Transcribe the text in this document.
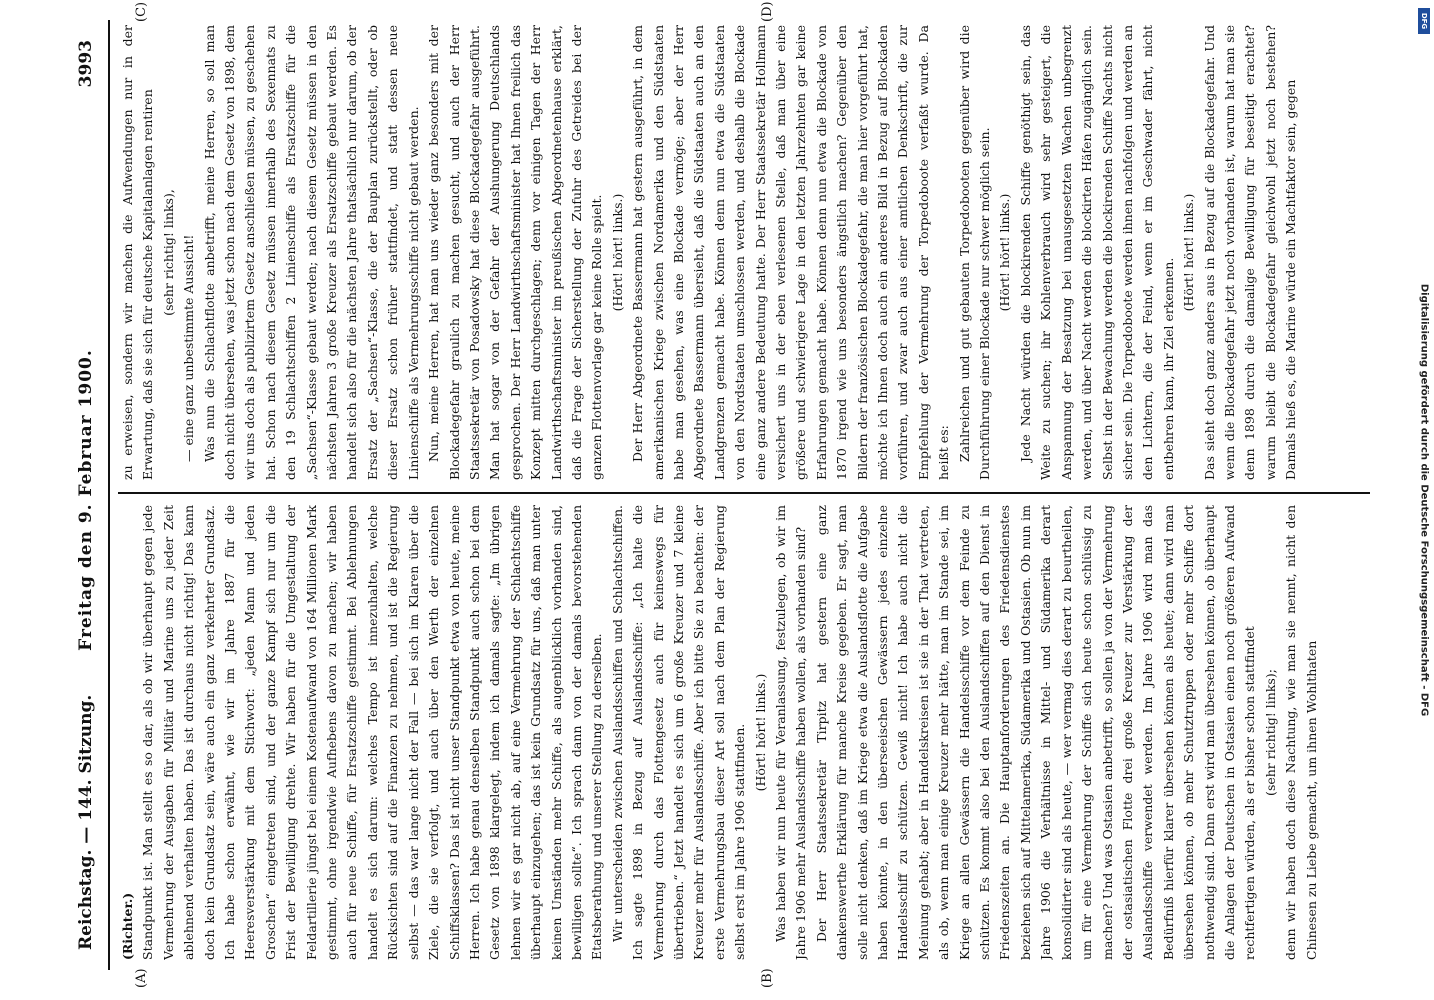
Reichstag. — 144. Sitzung.
Freitag den 9. Februar 1900.
3993
(A)	(B)
(C)	(D)

(Richter.) Standpunkt ist. Man stellt es so dar, als ob wir überhaupt gegen jede Vermehrung der Ausgaben für Militär und Marine uns zu jeder Zeit ablehnend verhalten haben. Das ist durchaus nicht richtig! Das kann doch kein Grundsatz sein, wäre auch ein ganz verkehrter Grundsatz. Ich habe schon erwähnt, wie wir im Jahre 1887 für die Heeresverstärkung mit dem Stichwort: „jeden Mann und jeden Groschen“ eingetreten sind, und der ganze Kampf sich nur um die Frist der Bewilligung drehte. Wir haben für die Umgestaltung der Feldartillerie jüngst bei einem Kostenaufwand von 164 Millionen Mark gestimmt, ohne irgendwie Aufhebens davon zu machen; wir haben auch für neue Schiffe, für Ersatzschiffe gestimmt. Bei Ablehnungen handelt es sich darum: welches Tempo ist innezuhalten, welche Rücksichten sind auf die Finanzen zu nehmen, und ist die Regierung selbst — das war lange nicht der Fall — bei sich im Klaren über die Ziele, die sie verfolgt, und auch über den Werth der einzelnen Schiffsklassen? Das ist nicht unser Standpunkt etwa von heute, meine Herren. Ich habe genau denselben Standpunkt auch schon bei dem Gesetz von 1898 klargelegt, indem ich damals sagte: „Im übrigen lehnen wir es gar nicht ab, auf eine Vermehrung der Schlachtschiffe überhaupt einzugehen; das ist kein Grundsatz für uns, daß man unter keinen Umständen mehr Schiffe, als augenblicklich vorhanden sind, bewilligen sollte“. Ich sprach dann von der damals bevorstehenden Etatsberathung und unserer Stellung zu derselben. Wir unterscheiden zwischen Auslandsschiffen und Schlachtschiffen. Ich sagte 1898 in Bezug auf Auslandsschiffe: „Ich halte die Vermehrung durch das Flottengesetz auch für keineswegs für übertrieben.“ Jetzt handelt es sich um 6 große Kreuzer und 7 kleine Kreuzer mehr für Auslandsschiffe. Aber ich bitte Sie zu beachten: der erste Vermehrungsbau dieser Art soll nach dem Plan der Regierung selbst erst im Jahre 1906 stattfinden. (Hört! hört! links.) Was haben wir nun heute für Veranlassung, festzulegen, ob wir im Jahre 1906 mehr Auslandsschiffe haben wollen, als vorhanden sind? Der Herr Staatssekretär Tirpitz hat gestern eine ganz dankenswerthe Erklärung für manche Kreise gegeben. Er sagt, man solle nicht denken, daß im Kriege etwa die Auslandsflotte die Aufgabe haben könnte, in den überseeischen Gewässern jedes einzelne Handelsschiff zu schützen. Gewiß nicht! Ich habe auch nicht die Meinung gehabt; aber in Handelskreisen ist sie in der That vertreten, als ob, wenn man einige Kreuzer mehr hätte, man im Stande sei, im Kriege an allen Gewässern die Handelsschiffe vor dem Feinde zu schützen. Es kommt also bei den Auslandschiffen auf den Dienst in Friedenszeiten an. Die Hauptanforderungen des Friedensdienstes beziehen sich auf Mittelamerika, Südamerika und Ostasien. Ob nun im Jahre 1906 die Verhältnisse in Mittel- und Südamerika derart konsolidirter sind als heute, — wer vermag dies derart zu beurtheilen, um für eine Vermehrung der Schiffe sich heute schon schlüssig zu machen? Und was Ostasien anbetrifft, so sollen ja von der Vermehrung der ostasiatischen Flotte drei große Kreuzer zur Verstärkung der Auslandsschiffe verwendet werden. Im Jahre 1906 wird man das Bedürfniß hierfür klarer übersehen können als heute; dann wird man übersehen können, ob mehr Schutztruppen oder mehr Schiffe dort nothwendig sind. Dann erst wird man übersehen können, ob überhaupt die Anlagen der Deutschen in Ostasien einen noch größeren Aufwand rechtfertigen würden, als er bisher schon stattfindet (sehr richtig! links); denn wir haben doch diese Nachtung, wie man sie nennt, nicht den Chinesen zu Liebe gemacht, um ihnen Wohlthaten

zu erweisen, sondern wir machen die Aufwendungen nur in der Erwartung, daß sie sich für deutsche Kapitalanlagen rentiren (sehr richtig! links), — eine ganz unbestimmte Aussicht! Was nun die Schlachtflotte anbetrifft, meine Herren, so soll man doch nicht übersehen, was jetzt schon nach dem Gesetz von 1898, dem wir uns doch als publizirtem Gesetz anschließen müssen, zu geschehen hat. Schon nach diesem Gesetz müssen innerhalb des Sexennats zu den 19 Schlachtschiffen 2 Linienschiffe als Ersatzschiffe für die „Sachsen“-Klasse gebaut werden; nach diesem Gesetz müssen in den nächsten Jahren 3 große Kreuzer als Ersatzschiffe gebaut werden. Es handelt sich also für die nächsten Jahre thatsächlich nur darum, ob der Ersatz der „Sachsen“-Klasse, die der Bauplan zurückstellt, oder ob dieser Ersatz schon früher stattfindet, und statt dessen neue Linienschiffe als Vermehrungsschiffe nicht gebaut werden. Nun, meine Herren, hat man uns wieder ganz besonders mit der Blockadegefahr graulich zu machen gesucht, und auch der Herr Staatssekretär von Posadowsky hat diese Blockadegefahr ausgeführt. Man hat sogar von der Gefahr der Aushungerung Deutschlands gesprochen. Der Herr Landwirthschaftsminister hat Ihnen freilich das Konzept mitten durchgeschlagen; denn vor einigen Tagen der Herr Landwirthschaftsminister im preußischen Abgeordnetenhause erklärt, daß die Frage der Sicherstellung der Zufuhr des Getreides bei der ganzen Flottenvorlage gar keine Rolle spielt. (Hört! hört! links.) Der Herr Abgeordnete Bassermann hat gestern ausgeführt, in dem amerikanischen Kriege zwischen Nordamerika und den Südstaaten habe man gesehen, was eine Blockade vermöge; aber der Herr Abgeordnete Bassermann übersieht, daß die Südstaaten auch an den Landgrenzen gemacht habe. Können denn nun etwa die Südstaaten von den Nordstaaten umschlossen werden, und deshalb die Blockade eine ganz andere Bedeutung hatte. Der Herr Staatssekretär Hollmann versichert uns in der eben verlesenen Stelle, daß man über eine größere und schwierigere Lage in den letzten Jahrzehnten gar keine Erfahrungen gemacht habe. Können denn nun etwa die Blockade von 1870 irgend wie uns besonders ängstlich machen? Gegenüber den Bildern der französischen Blockadegefahr, die man hier vorgeführt hat, möchte ich Ihnen doch auch ein anderes Bild in Bezug auf Blockaden vorführen, und zwar auch aus einer amtlichen Denkschrift, die zur Empfehlung der Vermehrung der Torpedoboote verfaßt wurde. Da heißt es: Zahlreichen und gut gebauten Torpedobooten gegenüber wird die Durchführung einer Blockade nur schwer möglich sein. (Hört! hört! links.) Jede Nacht würden die blockirenden Schiffe genöthigt sein, das Weite zu suchen; ihr Kohlenverbrauch wird sehr gesteigert, die Anspannung der Besatzung bei unausgesetzten Wachen unbegrenzt werden, und über Nacht werden die blockirten Häfen zugänglich sein. Selbst in der Bewachung werden die blockirenden Schiffe Nachts nicht sicher sein. Die Torpedoboote werden ihnen nachfolgen und werden an den Lichtern, die der Feind, wenn er im Geschwader fährt, nicht entbehren kann, ihr Ziel erkennen.

(Hört! hört! links.) Das sieht doch ganz anders aus in Bezug auf die Blockadegefahr. Und wenn die Blockadegefahr jetzt noch vorhanden ist, warum hat man sie denn 1898 durch die damalige Bewilligung für beseitigt erachtet? warum bleibt die Blockadegefahr gleichwohl jetzt noch bestehen? Damals hieß es, die Marine würde ein Machtfaktor sein, gegen

Digitalisierung gefördert durch die Deutsche Forschungsgemeinschaft - DFG
DFG
